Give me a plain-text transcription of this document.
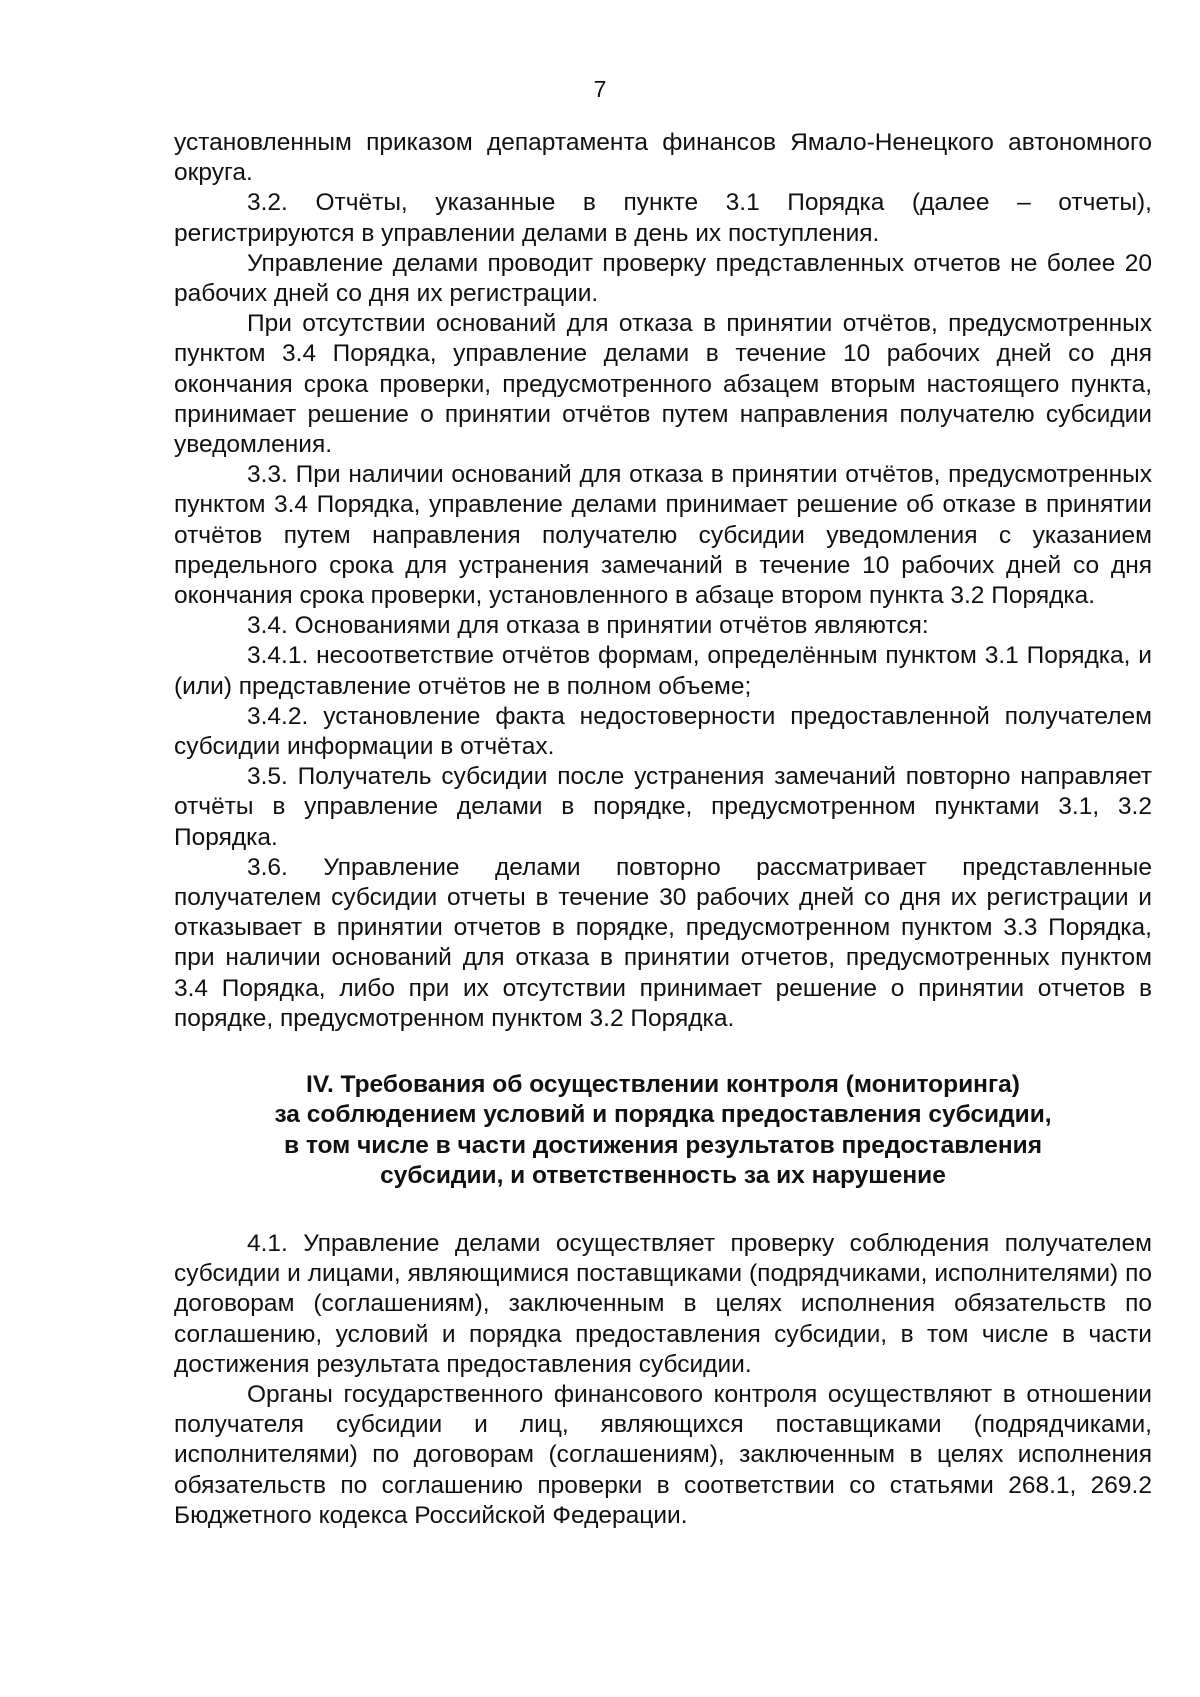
7

установленным приказом департамента финансов Ямало-Ненецкого автономного округа.

3.2. Отчёты, указанные в пункте 3.1 Порядка (далее – отчеты), регистрируются в управлении делами в день их поступления.

Управление делами проводит проверку представленных отчетов не более 20 рабочих дней со дня их регистрации.

При отсутствии оснований для отказа в принятии отчётов, предусмотренных пунктом 3.4 Порядка, управление делами в течение 10 рабочих дней со дня окончания срока проверки, предусмотренного абзацем вторым настоящего пункта, принимает решение о принятии отчётов путем направления получателю субсидии уведомления.

3.3. При наличии оснований для отказа в принятии отчётов, предусмотренных пунктом 3.4 Порядка, управление делами принимает решение об отказе в принятии отчётов путем направления получателю субсидии уведомления с указанием предельного срока для устранения замечаний в течение 10 рабочих дней со дня окончания срока проверки, установленного в абзаце втором пункта 3.2 Порядка.

3.4. Основаниями для отказа в принятии отчётов являются:

3.4.1. несоответствие отчётов формам, определённым пунктом 3.1 Порядка, и (или) представление отчётов не в полном объеме;

3.4.2. установление факта недостоверности предоставленной получателем субсидии информации в отчётах.

3.5. Получатель субсидии после устранения замечаний повторно направляет отчёты в управление делами в порядке, предусмотренном пунктами 3.1, 3.2 Порядка.

3.6. Управление делами повторно рассматривает представленные получателем субсидии отчеты в течение 30 рабочих дней со дня их регистрации и отказывает в принятии отчетов в порядке, предусмотренном пунктом 3.3 Порядка, при наличии оснований для отказа в принятии отчетов, предусмотренных пунктом 3.4 Порядка, либо при их отсутствии принимает решение о принятии отчетов в порядке, предусмотренном пунктом 3.2 Порядка.

IV. Требования об осуществлении контроля (мониторинга)
за соблюдением условий и порядка предоставления субсидии,
в том числе в части достижения результатов предоставления
субсидии, и ответственность за их нарушение

4.1. Управление делами осуществляет проверку соблюдения получателем субсидии и лицами, являющимися поставщиками (подрядчиками, исполнителями) по договорам (соглашениям), заключенным в целях исполнения обязательств по соглашению, условий и порядка предоставления субсидии, в том числе в части достижения результата предоставления субсидии.

Органы государственного финансового контроля осуществляют в отношении получателя субсидии и лиц, являющихся поставщиками (подрядчиками, исполнителями) по договорам (соглашениям), заключенным в целях исполнения обязательств по соглашению проверки в соответствии со статьями 268.1, 269.2 Бюджетного кодекса Российской Федерации.
